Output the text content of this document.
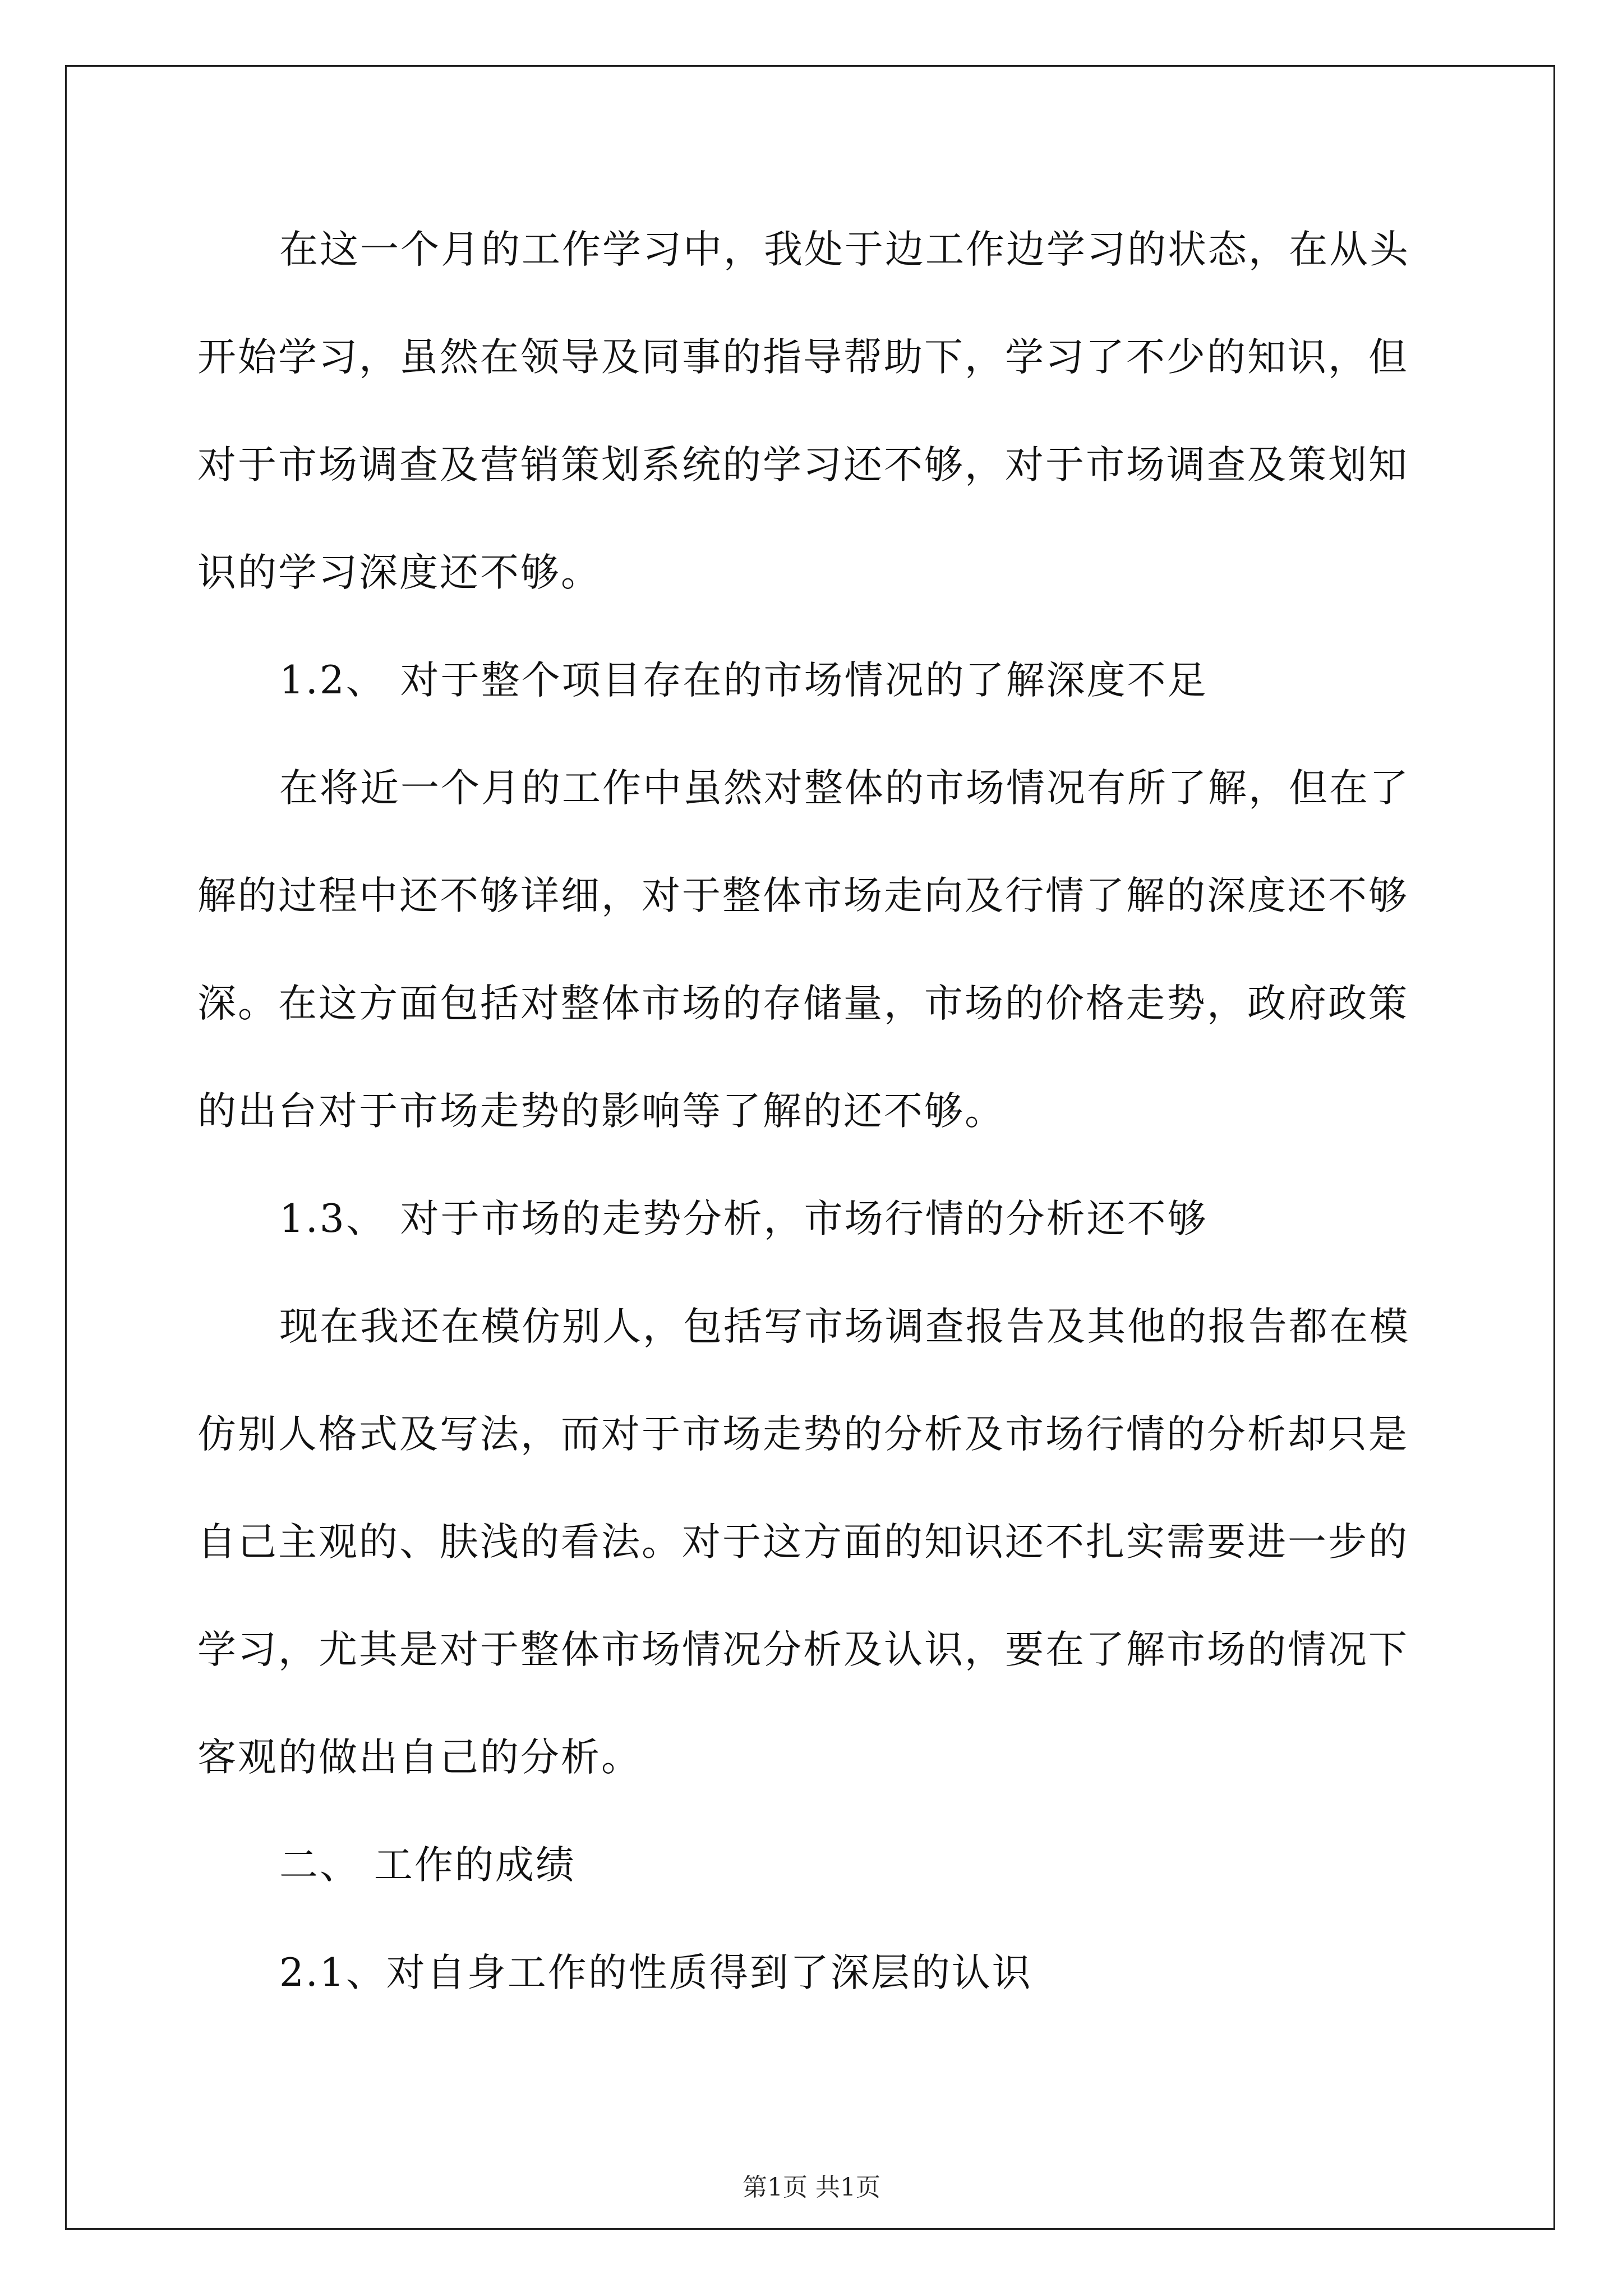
在这一个月的工作学习中，我处于边工作边学习的状态，在从头
开始学习，虽然在领导及同事的指导帮助下，学习了不少的知识，但
对于市场调查及营销策划系统的学习还不够，对于市场调查及策划知
识的学习深度还不够。
1.2、 对于整个项目存在的市场情况的了解深度不足
在将近一个月的工作中虽然对整体的市场情况有所了解，但在了
解的过程中还不够详细，对于整体市场走向及行情了解的深度还不够
深。在这方面包括对整体市场的存储量，市场的价格走势，政府政策
的出台对于市场走势的影响等了解的还不够。
1.3、 对于市场的走势分析，市场行情的分析还不够
现在我还在模仿别人，包括写市场调查报告及其他的报告都在模
仿别人格式及写法，而对于市场走势的分析及市场行情的分析却只是
自己主观的、肤浅的看法。对于这方面的知识还不扎实需要进一步的
学习，尤其是对于整体市场情况分析及认识，要在了解市场的情况下
客观的做出自己的分析。
二、 工作的成绩
2.1、对自身工作的性质得到了深层的认识
第1页 共1页
